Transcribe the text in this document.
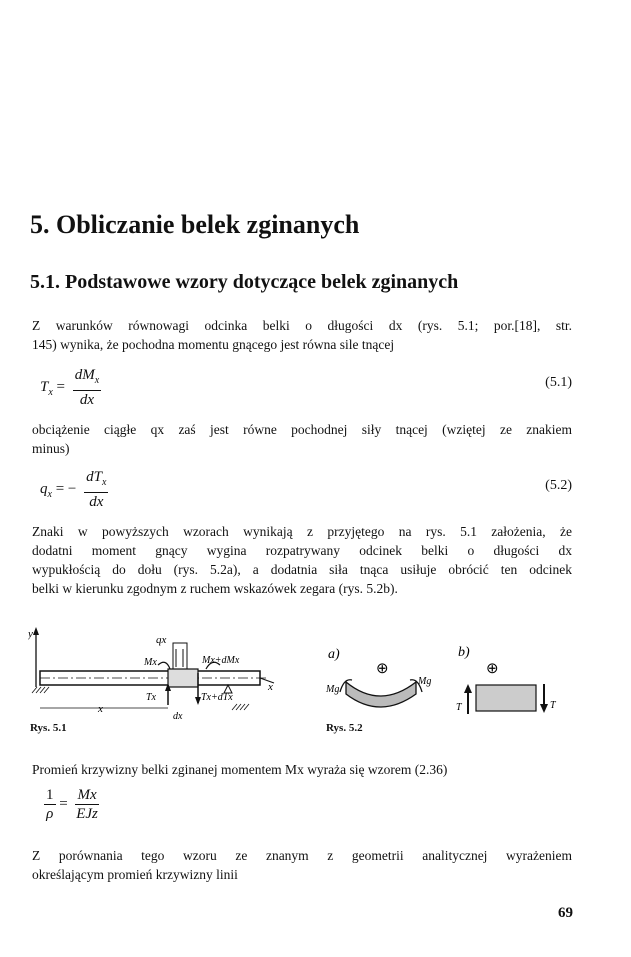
5. Obliczanie belek zginanych
5.1. Podstawowe wzory dotyczące belek zginanych
Z warunków równowagi odcinka belki o długości dx (rys. 5.1; por.[18], str.
145) wynika, że pochodna momentu gnącego jest równa sile tnącej
$T_x = \frac{dM_x}{dx}$	(5.1)
obciążenie ciągłe qx zaś jest równe pochodnej siły tnącej (wziętej ze znakiem
minus)
$q_x$ = − $\frac{dT_x}{dx}$	(5.2)
Znaki w powyższych wzorach wynikają z przyjętego na rys. 5.1 założenia, że
dodatni moment gnący wygina rozpatrywany odcinek belki o długości dx
wypukłością do dołu (rys. 5.2a), a dodatnia siła tnąca usiłuje obrócić ten odcinek
belki w kierunku zgodnym z ruchem wskazówek zegara (rys. 5.2b).
y
x
qx
Mx	Mx+dMx
Tx	Tx+dTx
x
dx
Rys. 5.1
a)	b)
⊕	⊕
Mg
Mg
T	T
Rys. 5.2
Promień krzywizny belki zginanej momentem Mx wyraża się wzorem (2.36)
$\frac{1}{\rho} = \frac{Mx}{\text{EJz}}$
Z porównania tego wzoru ze znanym z geometrii analitycznej wyrażeniem
określającym promień krzywizny linii
69
